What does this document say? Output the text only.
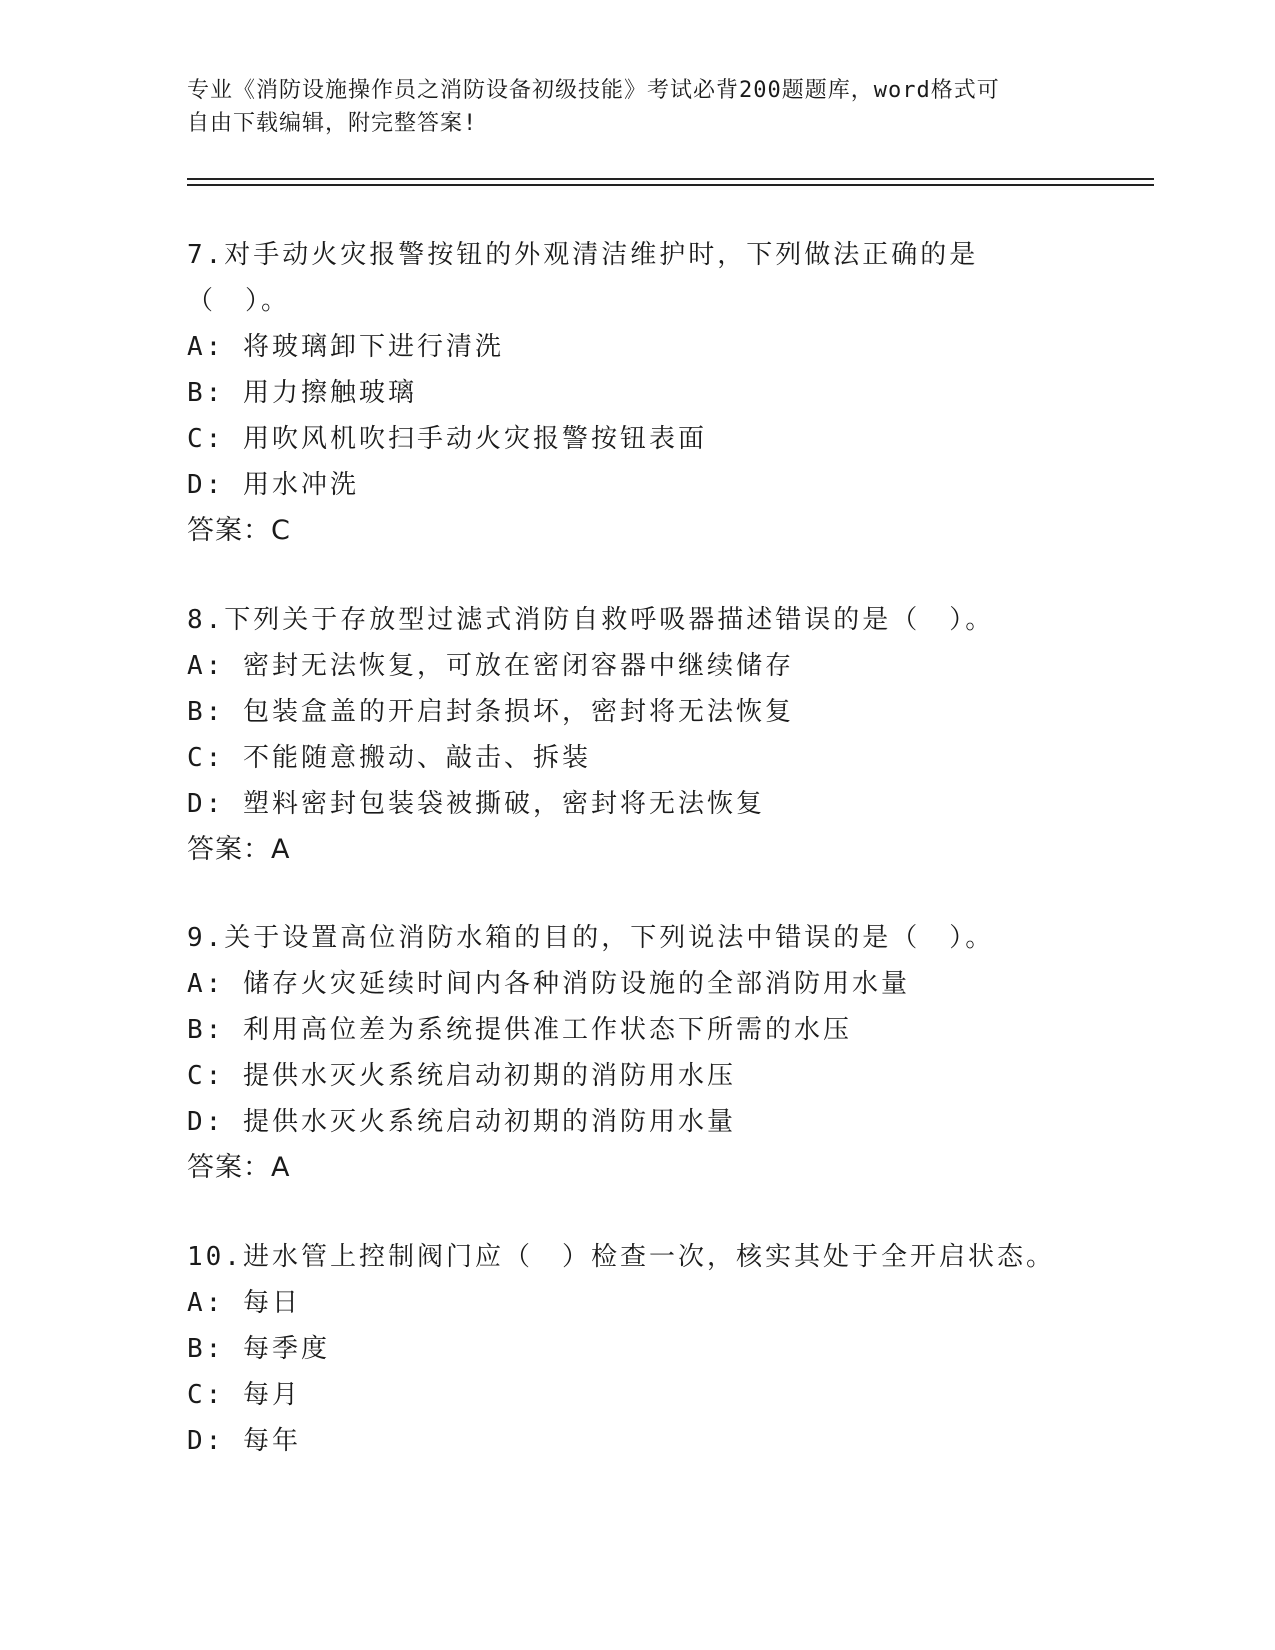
专业《消防设施操作员之消防设备初级技能》考试必背200题题库，word格式可
自由下载编辑，附完整答案!
7.对手动火灾报警按钮的外观清洁维护时，下列做法正确的是（　）。
A: 将玻璃卸下进行清洗
B: 用力擦触玻璃
C: 用吹风机吹扫手动火灾报警按钮表面
D: 用水冲洗
答案：C
8.下列关于存放型过滤式消防自救呼吸器描述错误的是（　）。
A: 密封无法恢复，可放在密闭容器中继续储存
B: 包装盒盖的开启封条损坏，密封将无法恢复
C: 不能随意搬动、敲击、拆装
D: 塑料密封包装袋被撕破，密封将无法恢复
答案：A
9.关于设置高位消防水箱的目的，下列说法中错误的是（　）。
A: 储存火灾延续时间内各种消防设施的全部消防用水量
B: 利用高位差为系统提供准工作状态下所需的水压
C: 提供水灭火系统启动初期的消防用水压
D: 提供水灭火系统启动初期的消防用水量
答案：A
10.进水管上控制阀门应（　）检查一次，核实其处于全开启状态。
A: 每日
B: 每季度
C: 每月
D: 每年
